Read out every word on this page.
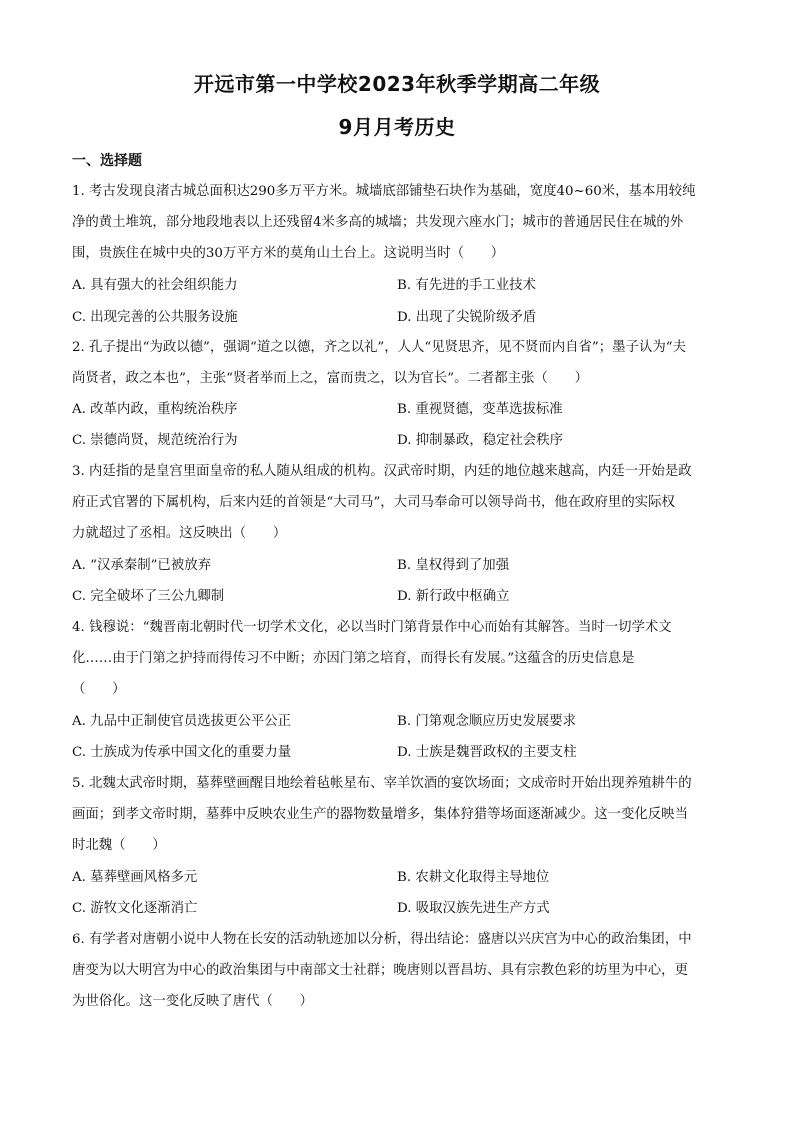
开远市第一中学校2023年秋季学期高二年级
9月月考历史
一、选择题
1. 考古发现良渚古城总面积达290多万平方米。城墙底部铺垫石块作为基础，宽度40~60米，基本用较纯
净的黄土堆筑，部分地段地表以上还残留4米多高的城墙；共发现六座水门；城市的普通居民住在城的外
围，贵族住在城中央的30万平方米的莫角山土台上。这说明当时（　　）
A. 具有强大的社会组织能力	B. 有先进的手工业技术
C. 出现完善的公共服务设施	D. 出现了尖锐阶级矛盾
2. 孔子提出“为政以德”，强调“道之以德，齐之以礼”，人人“见贤思齐，见不贤而内自省”；墨子认为“夫
尚贤者，政之本也”，主张“贤者举而上之，富而贵之，以为官长”。二者都主张（　　）
A. 改革内政，重构统治秩序	B. 重视贤德，变革选拔标准
C. 崇德尚贤，规范统治行为	D. 抑制暴政，稳定社会秩序
3. 内廷指的是皇宫里面皇帝的私人随从组成的机构。汉武帝时期，内廷的地位越来越高，内廷一开始是政
府正式官署的下属机构，后来内廷的首领是“大司马”，大司马奉命可以领导尚书，他在政府里的实际权
力就超过了丞相。这反映出（　　）
A. “汉承秦制”已被放弃	B. 皇权得到了加强
C. 完全破坏了三公九卿制	D. 新行政中枢确立
4. 钱穆说：“魏晋南北朝时代一切学术文化，必以当时门第背景作中心而始有其解答。当时一切学术文
化……由于门第之护持而得传习不中断；亦因门第之培育，而得长有发展。”这蕴含的历史信息是
（　　）
A. 九品中正制使官员选拔更公平公正	B. 门第观念顺应历史发展要求
C. 士族成为传承中国文化的重要力量	D. 士族是魏晋政权的主要支柱
5. 北魏太武帝时期，墓葬壁画醒目地绘着毡帐星布、宰羊饮酒的宴饮场面；文成帝时开始出现养殖耕牛的
画面；到孝文帝时期，墓葬中反映农业生产的器物数量增多，集体狩猎等场面逐渐减少。这一变化反映当
时北魏（　　）
A. 墓葬壁画风格多元	B. 农耕文化取得主导地位
C. 游牧文化逐渐消亡	D. 吸取汉族先进生产方式
6. 有学者对唐朝小说中人物在长安的活动轨迹加以分析，得出结论：盛唐以兴庆宫为中心的政治集团，中
唐变为以大明宫为中心的政治集团与中南部文士社群；晚唐则以晋昌坊、具有宗教色彩的坊里为中心，更
为世俗化。这一变化反映了唐代（　　）
